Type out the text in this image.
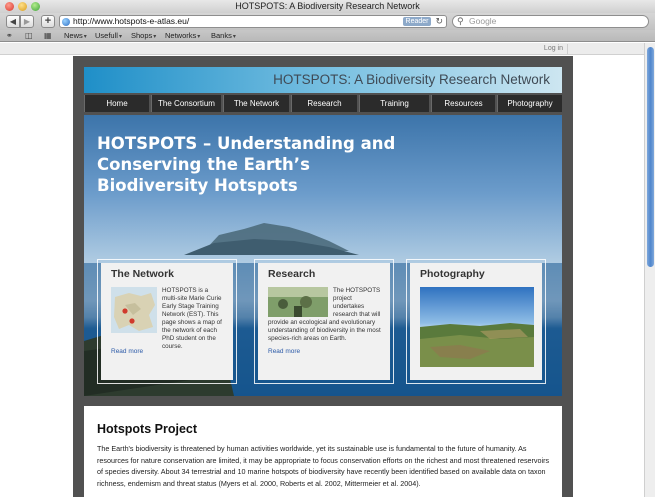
HOTSPOTS: A Biodiversity Research Network
◀ ▶	+	http://www.hotspots-e-atlas.eu/	Reader ↻ ⚲ Google
⚭ ◫ ▦ News▾ Usefull▾ Shops▾ Networks▾ Banks▾
Log in
HOTSPOTS: A Biodiversity Research Network
Home	The Consortium	The Network	Research	Training	Resources	Photography
HOTSPOTS – Understanding and Conserving the Earth’s Biodiversity Hotspots
The Network
HOTSPOTS is a multi-site Marie Curie Early Stage Training Network (EST). This page shows a map of the network of each PhD student on the course.
Read more
Research
The HOTSPOTS project undertakes research that will
provide an ecological and evolutionary understanding of biodiversity in the most species-rich areas on Earth.
Read more
Photography
Hotspots Project

The Earth's biodiversity is threatened by human activities worldwide, yet its sustainable use is fundamental to the future of humanity. As resources for nature conservation are limited, it may be appropriate to focus conservation efforts on the richest and most threatened reservoirs of species diversity. About 34 terrestrial and 10 marine hotspots of biodiversity have recently been identified based on available data on taxon richness, endemism and threat status (Myers et al. 2000, Roberts et al. 2002, Mittermeier et al. 2004).
